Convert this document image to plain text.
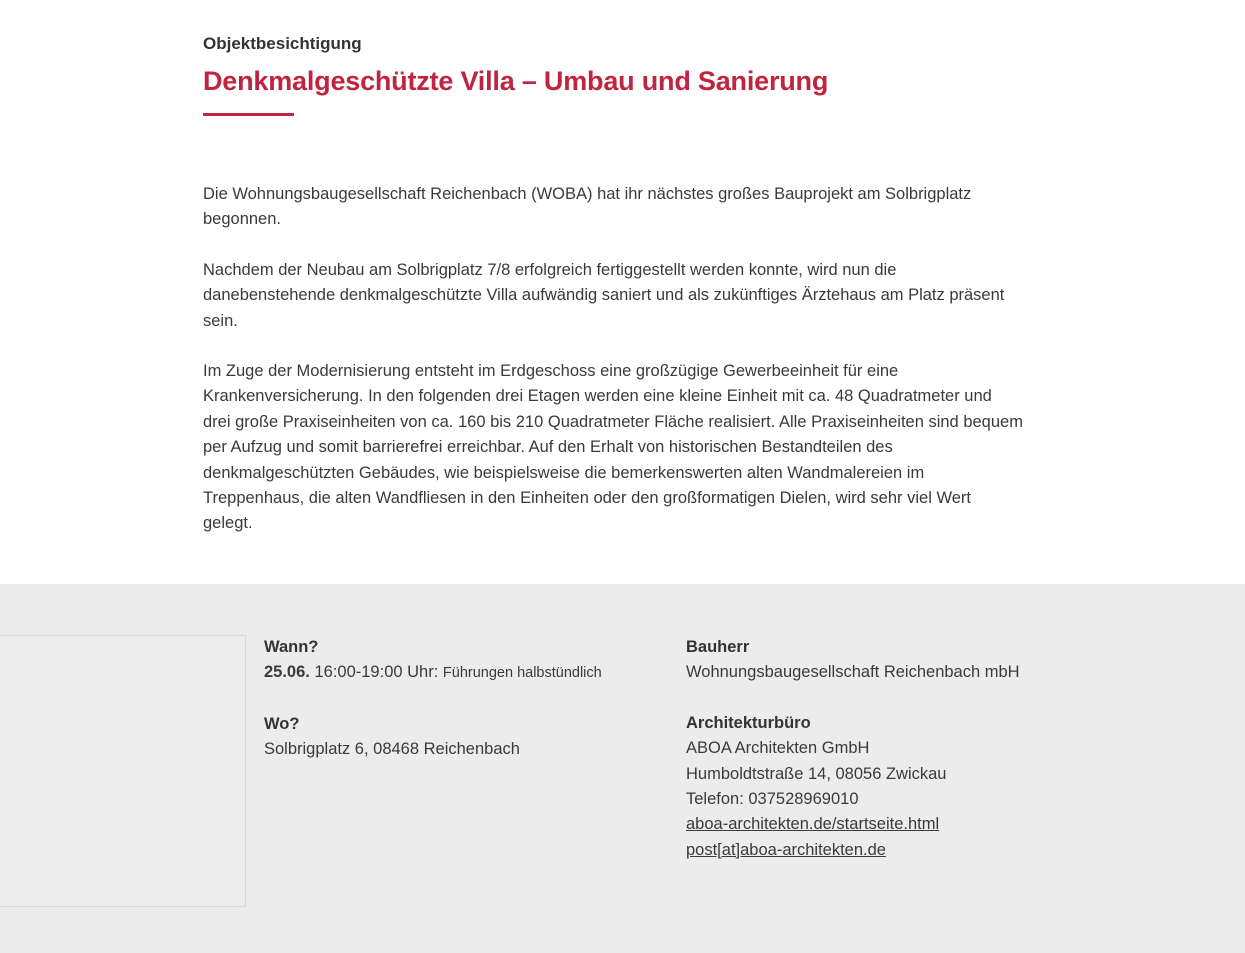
Objektbesichtigung
Denkmalgeschützte Villa – Umbau und Sanierung

Die Wohnungsbaugesellschaft Reichenbach (WOBA) hat ihr nächstes großes Bauprojekt am Solbrigplatz begonnen.

Nachdem der Neubau am Solbrigplatz 7/8 erfolgreich fertiggestellt werden konnte, wird nun die danebenstehende denkmalgeschützte Villa aufwändig saniert und als zukünftiges Ärztehaus am Platz präsent sein.

Im Zuge der Modernisierung entsteht im Erdgeschoss eine großzügige Gewerbeeinheit für eine Krankenversicherung. In den folgenden drei Etagen werden eine kleine Einheit mit ca. 48 Quadratmeter und drei große Praxiseinheiten von ca. 160 bis 210 Quadratmeter Fläche realisiert. Alle Praxiseinheiten sind bequem per Aufzug und somit barrierefrei erreichbar. Auf den Erhalt von historischen Bestandteilen des denkmalgeschützten Gebäudes, wie beispielsweise die bemerkenswerten alten Wandmalereien im Treppenhaus, die alten Wandfliesen in den Einheiten oder den großformatigen Dielen, wird sehr viel Wert gelegt.

Wann?
25.06. 16:00-19:00 Uhr: Führungen halbstündlich
Wo?
Solbrigplatz 6, 08468 Reichenbach
Bauherr
Wohnungsbaugesellschaft Reichenbach mbH
Architekturbüro
ABOA Architekten GmbH
Humboldtstraße 14, 08056 Zwickau
Telefon: 037528969010
aboa-architekten.de/startseite.html
post[at]aboa-architekten.de
